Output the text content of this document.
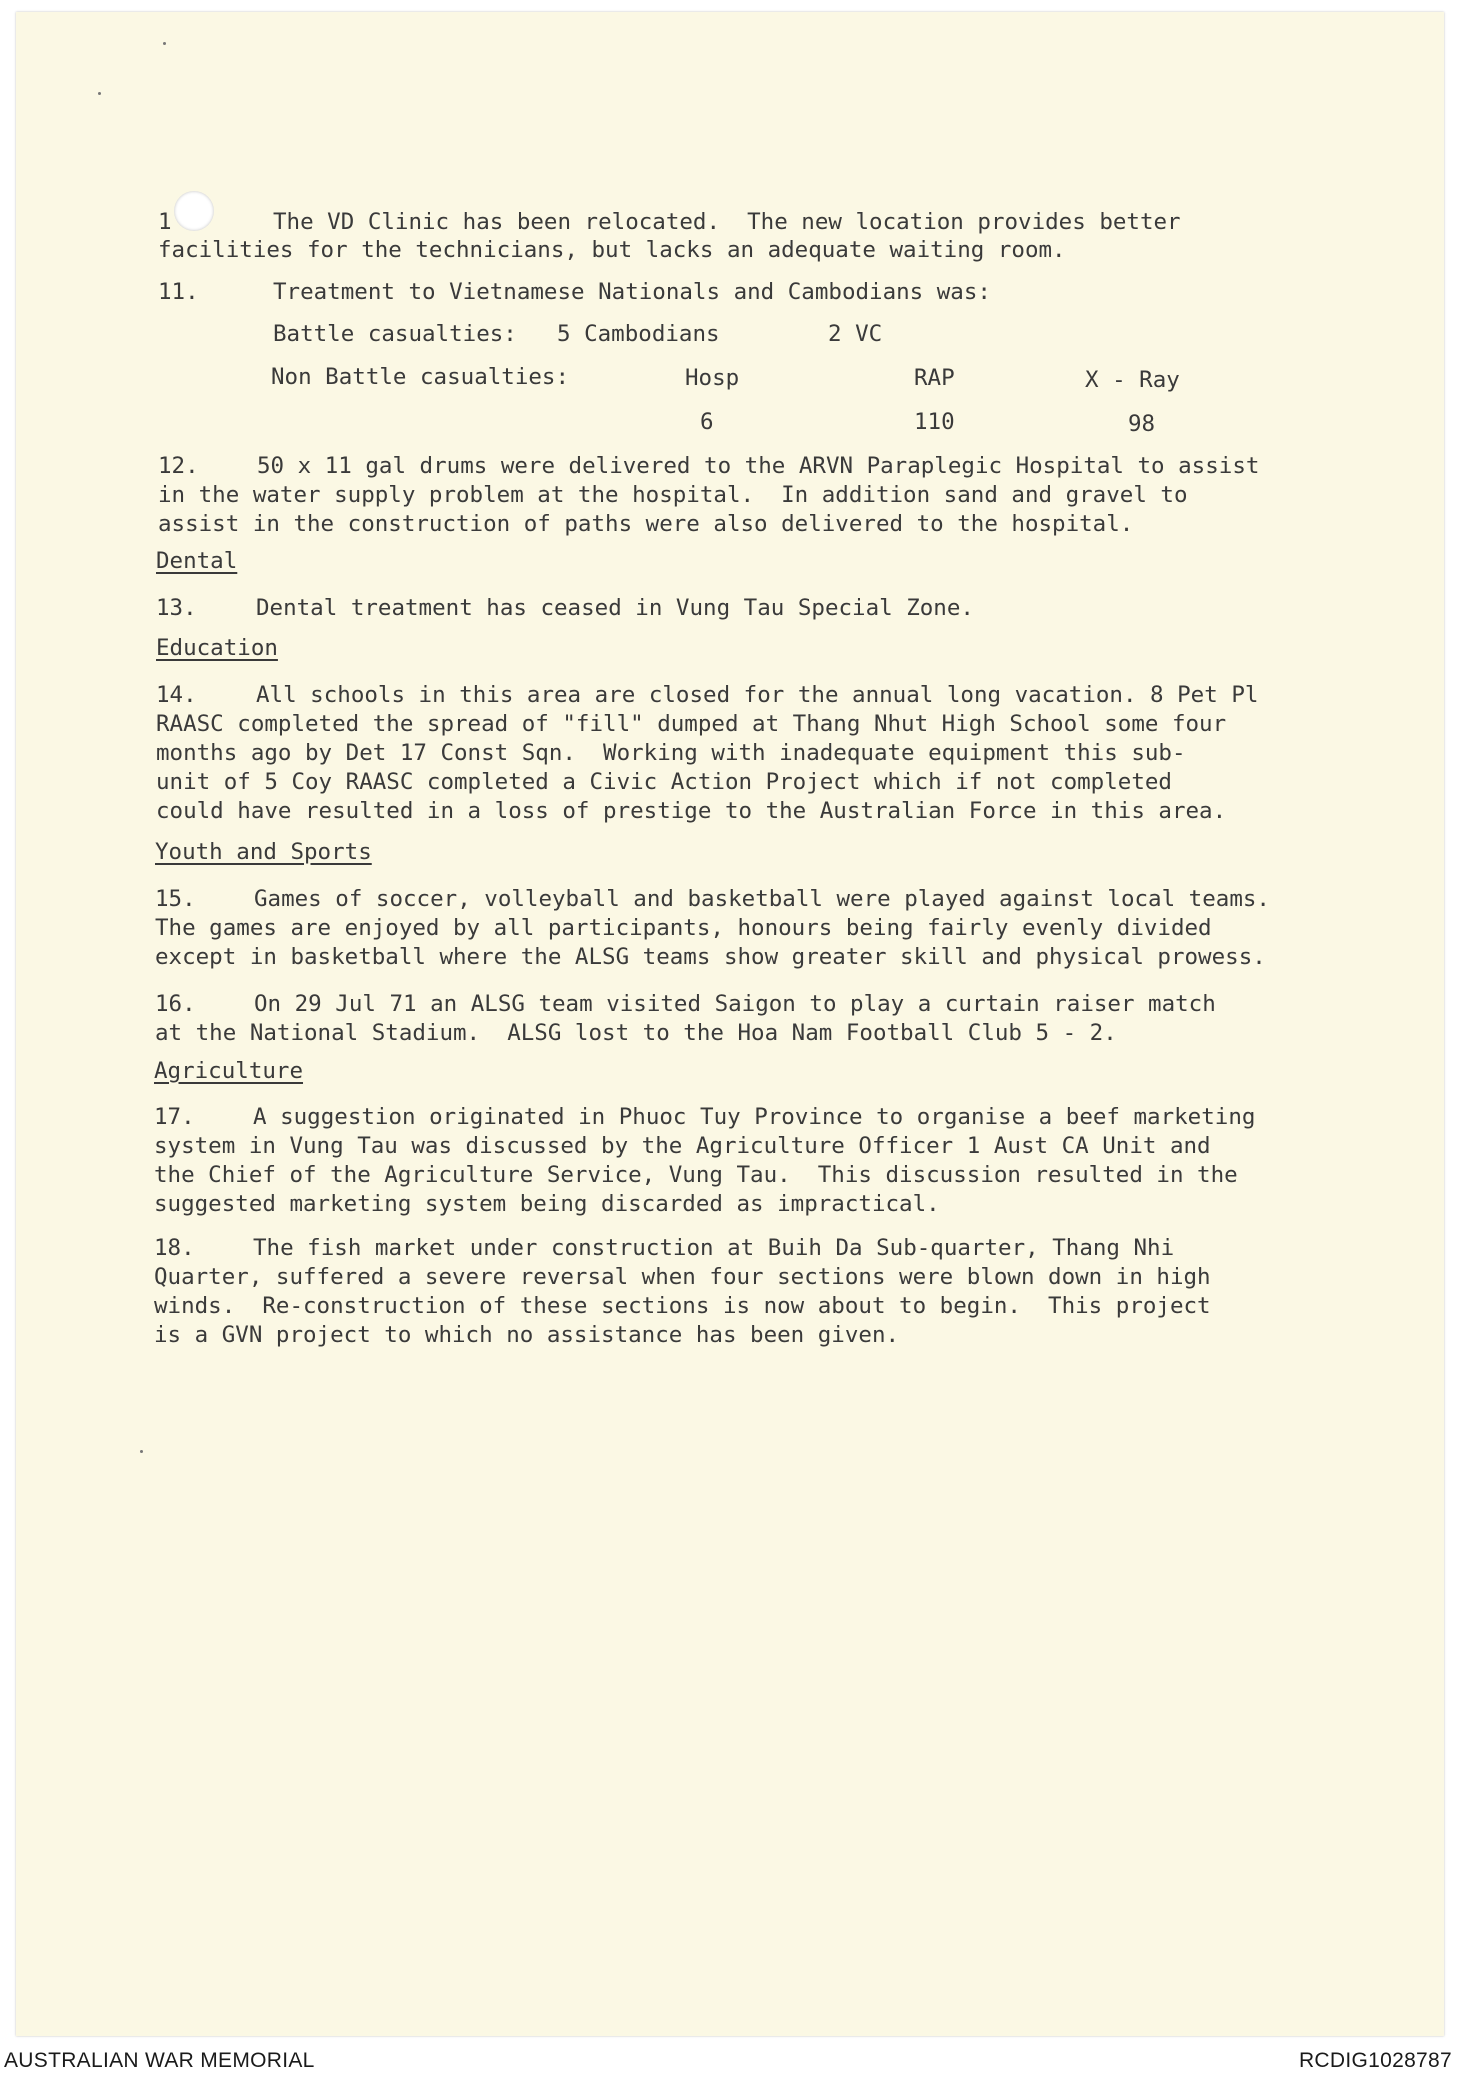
1	The VD Clinic has been relocated.  The new location provides better
facilities for the technicians, but lacks an adequate waiting room.
11.	Treatment to Vietnamese Nationals and Cambodians was:
Battle casualties: 5 Cambodians	2 VC
Non Battle casualties:	Hosp	RAP	X - Ray
6	110	98
12.	50 x 11 gal drums were delivered to the ARVN Paraplegic Hospital to assist
in the water supply problem at the hospital.  In addition sand and gravel to
assist in the construction of paths were also delivered to the hospital.
Dental
13.	Dental treatment has ceased in Vung Tau Special Zone.
Education
14.	All schools in this area are closed for the annual long vacation. 8 Pet Pl
RAASC completed the spread of "fill" dumped at Thang Nhut High School some four
months ago by Det 17 Const Sqn.  Working with inadequate equipment this sub-
unit of 5 Coy RAASC completed a Civic Action Project which if not completed
could have resulted in a loss of prestige to the Australian Force in this area.
Youth and Sports
15.	Games of soccer, volleyball and basketball were played against local teams.
The games are enjoyed by all participants, honours being fairly evenly divided
except in basketball where the ALSG teams show greater skill and physical prowess.
16.	On 29 Jul 71 an ALSG team visited Saigon to play a curtain raiser match
at the National Stadium.  ALSG lost to the Hoa Nam Football Club 5 - 2.
Agriculture
17.	A suggestion originated in Phuoc Tuy Province to organise a beef marketing
system in Vung Tau was discussed by the Agriculture Officer 1 Aust CA Unit and
the Chief of the Agriculture Service, Vung Tau.  This discussion resulted in the
suggested marketing system being discarded as impractical.
18.	The fish market under construction at Buih Da Sub-quarter, Thang Nhi
Quarter, suffered a severe reversal when four sections were blown down in high
winds.  Re-construction of these sections is now about to begin.  This project
is a GVN project to which no assistance has been given.
AUSTRALIAN WAR MEMORIAL	RCDIG1028787
